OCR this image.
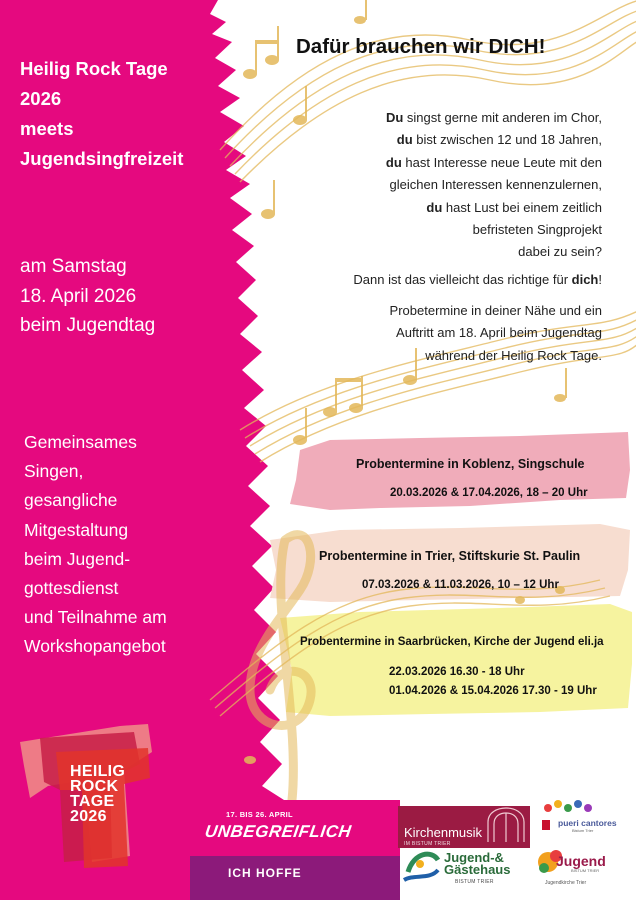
Heilig Rock Tage
2026
meets
Jugendsingfreizeit
am Samstag
18. April 2026
beim Jugendtag
Gemeinsames
Singen,
gesangliche
Mitgestaltung
beim Jugend-
gottesdienst
und Teilnahme am
Workshopangebot
Dafür brauchen wir DICH!
Du singst gerne mit anderen im Chor,
du bist zwischen 12 und 18 Jahren,
du hast Interesse neue Leute mit den
gleichen Interessen kennenzulernen,
du hast Lust bei einem zeitlich
befristeten Singprojekt
dabei zu sein?
Dann ist das vielleicht das richtige für dich!
Probetermine in deiner Nähe und ein
Auftritt am 18. April beim Jugendtag
während der Heilig Rock Tage.
Probentermine in Koblenz, Singschule
20.03.2026 & 17.04.2026, 18 – 20 Uhr
Probentermine in Trier, Stiftskurie St. Paulin
07.03.2026 & 11.03.2026, 10 – 12 Uhr
Probentermine in Saarbrücken, Kirche der Jugend eli.ja
22.03.2026 16.30 - 18 Uhr
01.04.2026 & 15.04.2026 17.30 - 19 Uhr
HEILIG
ROCK
TAGE
2026	17. BIS 26. APRIL
UNBEGREIFLICH
ICH HOFFE
Kirchenmusik
IM BISTUM TRIER
Jugend-&
Gästehaus
BISTUM TRIER
pueri cantores
Bistum Trier
Jugend
BISTUM TRIER
Jugendkirche Trier
